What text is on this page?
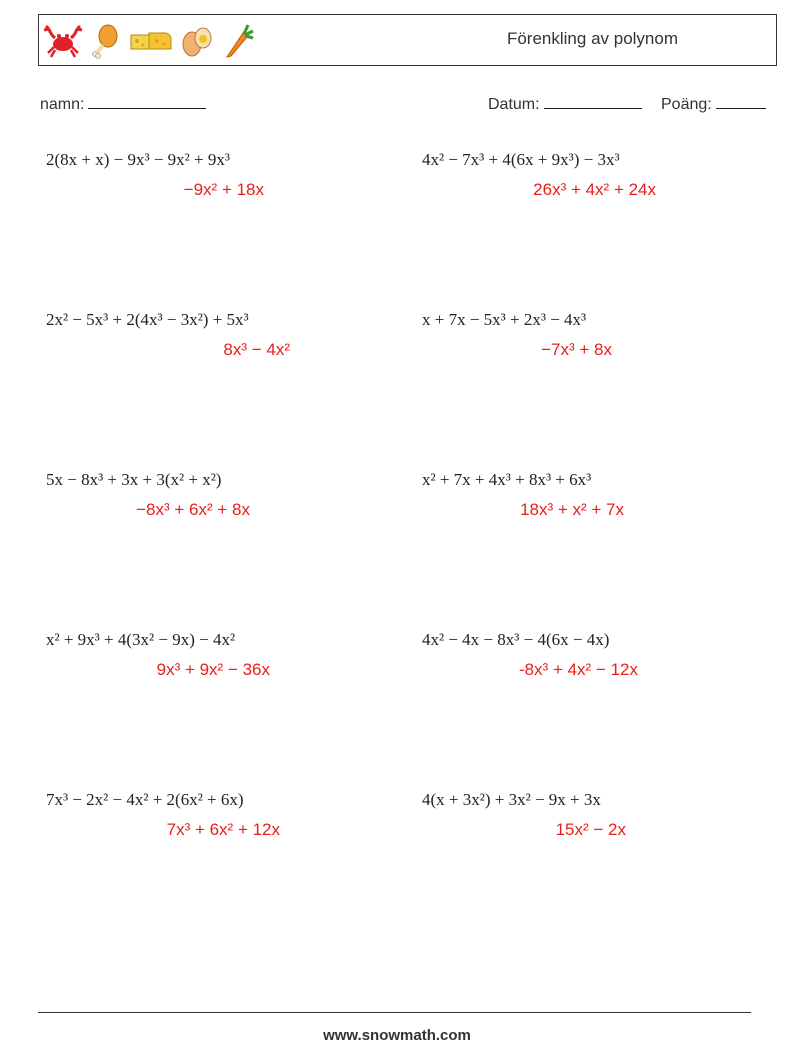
Förenkling av polynom
namn:	Datum:	Poäng:
2(8x + x) − 9x³ − 9x² + 9x³
−9x² + 18x
4x² − 7x³ + 4(6x + 9x³) − 3x³
26x³ + 4x² + 24x
2x² − 5x³ + 2(4x³ − 3x²) + 5x³
8x³ − 4x²
x + 7x − 5x³ + 2x³ − 4x³
−7x³ + 8x
5x − 8x³ + 3x + 3(x² + x²)
−8x³ + 6x² + 8x
x² + 7x + 4x³ + 8x³ + 6x³
18x³ + x² + 7x
x² + 9x³ + 4(3x² − 9x) − 4x²
9x³ + 9x² − 36x
4x² − 4x − 8x³ − 4(6x − 4x)
-8x³ + 4x² − 12x
7x³ − 2x² − 4x² + 2(6x² + 6x)
7x³ + 6x² + 12x
4(x + 3x²) + 3x² − 9x + 3x
15x² − 2x
www.snowmath.com
